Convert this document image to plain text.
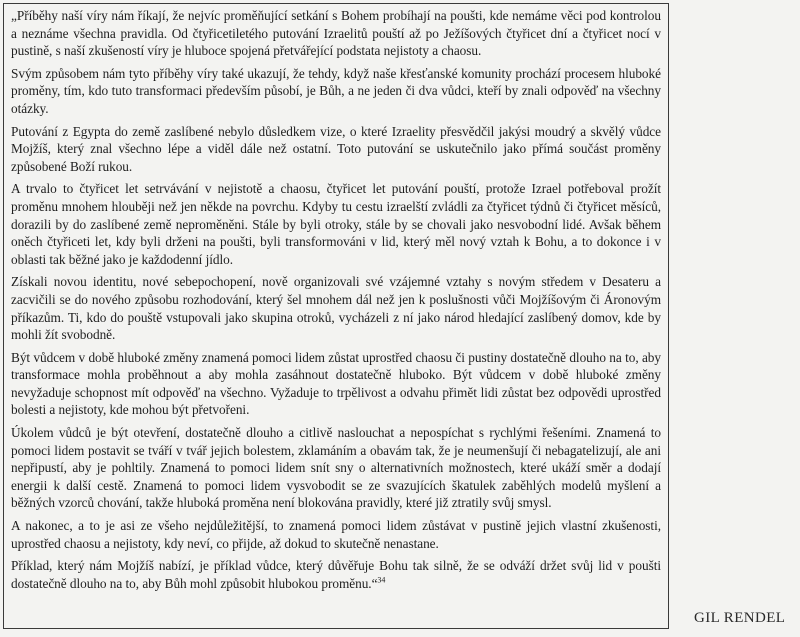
„Příběhy naší víry nám říkají, že nejvíc proměňující setkání s Bohem probíhají na poušti, kde nemáme věci pod kontrolou a neznáme všechna pravidla. Od čtyřicetiletého putování Izraelitů pouští až po Ježíšových čtyřicet dní a čtyřicet nocí v pustině, s naší zkušeností víry je hluboce spojená přetvářející podstata nejistoty a chaosu.

Svým způsobem nám tyto příběhy víry také ukazují, že tehdy, když naše křesťanské komunity prochází procesem hluboké proměny, tím, kdo tuto transformaci především působí, je Bůh, a ne jeden či dva vůdci, kteří by znali odpověď na všechny otázky.

Putování z Egypta do země zaslíbené nebylo důsledkem vize, o které Izraelity přesvědčil jakýsi moudrý a skvělý vůdce Mojžíš, který znal všechno lépe a viděl dále než ostatní. Toto putování se uskutečnilo jako přímá součást proměny způsobené Boží rukou.

A trvalo to čtyřicet let setrvávání v nejistotě a chaosu, čtyřicet let putování pouští, protože Izrael potřeboval prožít proměnu mnohem hlouběji než jen někde na povrchu. Kdyby tu cestu izraelští zvládli za čtyřicet týdnů či čtyřicet měsíců, dorazili by do zaslíbené země neproměněni. Stále by byli otroky, stále by se chovali jako nesvobodní lidé. Avšak během oněch čtyřiceti let, kdy byli drženi na poušti, byli transformováni v lid, který měl nový vztah k Bohu, a to dokonce i v oblasti tak běžné jako je každodenní jídlo.

Získali novou identitu, nové sebepochopení, nově organizovali své vzájemné vztahy s novým středem v Desateru a zacvičili se do nového způsobu rozhodování, který šel mnohem dál než jen k poslušnosti vůči Mojžíšovým či Áronovým příkazům. Ti, kdo do pouště vstupovali jako skupina otroků, vycházeli z ní jako národ hledající zaslíbený domov, kde by mohli žít svobodně.

Být vůdcem v době hluboké změny znamená pomoci lidem zůstat uprostřed chaosu či pustiny dostatečně dlouho na to, aby transformace mohla proběhnout a aby mohla zasáhnout dostatečně hluboko. Být vůdcem v době hluboké změny nevyžaduje schopnost mít odpověď na všechno. Vyžaduje to trpělivost a odvahu přimět lidi zůstat bez odpovědi uprostřed bolesti a nejistoty, kde mohou být přetvořeni.

Úkolem vůdců je být otevření, dostatečně dlouho a citlivě naslouchat a nepospíchat s rychlými řešeními. Znamená to pomoci lidem postavit se tváří v tvář jejich bolestem, zklamáním a obavám tak, že je neumenšují či nebagatelizují, ale ani nepřipustí, aby je pohltily. Znamená to pomoci lidem snít sny o alternativních možnostech, které ukáží směr a dodají energii k další cestě. Znamená to pomoci lidem vysvobodit se ze svazujících škatulek zaběhlých modelů myšlení a běžných vzorců chování, takže hluboká proměna není blokována pravidly, které již ztratily svůj smysl.

A nakonec, a to je asi ze všeho nejdůležitější, to znamená pomoci lidem zůstávat v pustině jejich vlastní zkušenosti, uprostřed chaosu a nejistoty, kdy neví, co přijde, až dokud to skutečně nenastane.

Příklad, který nám Mojžíš nabízí, je příklad vůdce, který důvěřuje Bohu tak silně, že se odváží držet svůj lid v poušti dostatečně dlouho na to, aby Bůh mohl způsobit hlubokou proměnu.“$^{34}$

GIL RENDEL
